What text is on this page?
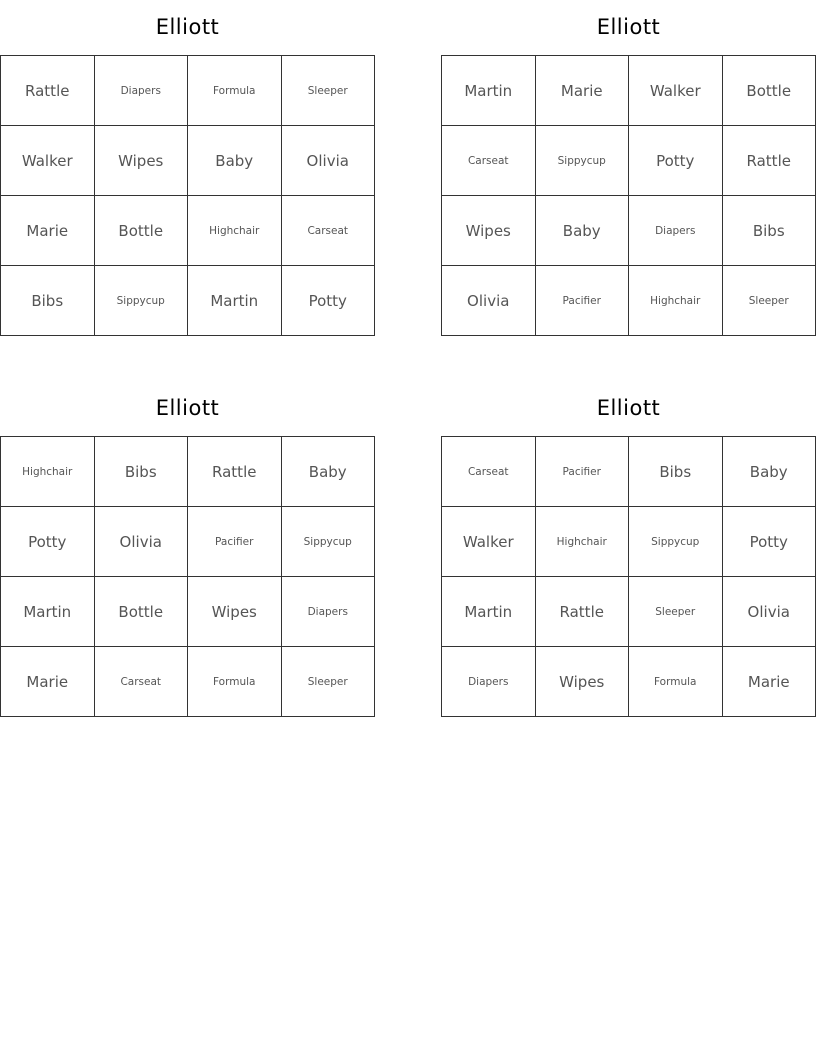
Elliott
Rattle	Diapers	Formula	Sleeper
Walker	Wipes	Baby	Olivia
Marie	Bottle	Highchair	Carseat
Bibs	Sippycup	Martin	Potty
Elliott
Martin	Marie	Walker	Bottle
Carseat	Sippycup	Potty	Rattle
Wipes	Baby	Diapers	Bibs
Olivia	Pacifier	Highchair	Sleeper
Elliott
Highchair	Bibs	Rattle	Baby
Potty	Olivia	Pacifier	Sippycup
Martin	Bottle	Wipes	Diapers
Marie	Carseat	Formula	Sleeper
Elliott
Carseat	Pacifier	Bibs	Baby
Walker	Highchair	Sippycup	Potty
Martin	Rattle	Sleeper	Olivia
Diapers	Wipes	Formula	Marie
